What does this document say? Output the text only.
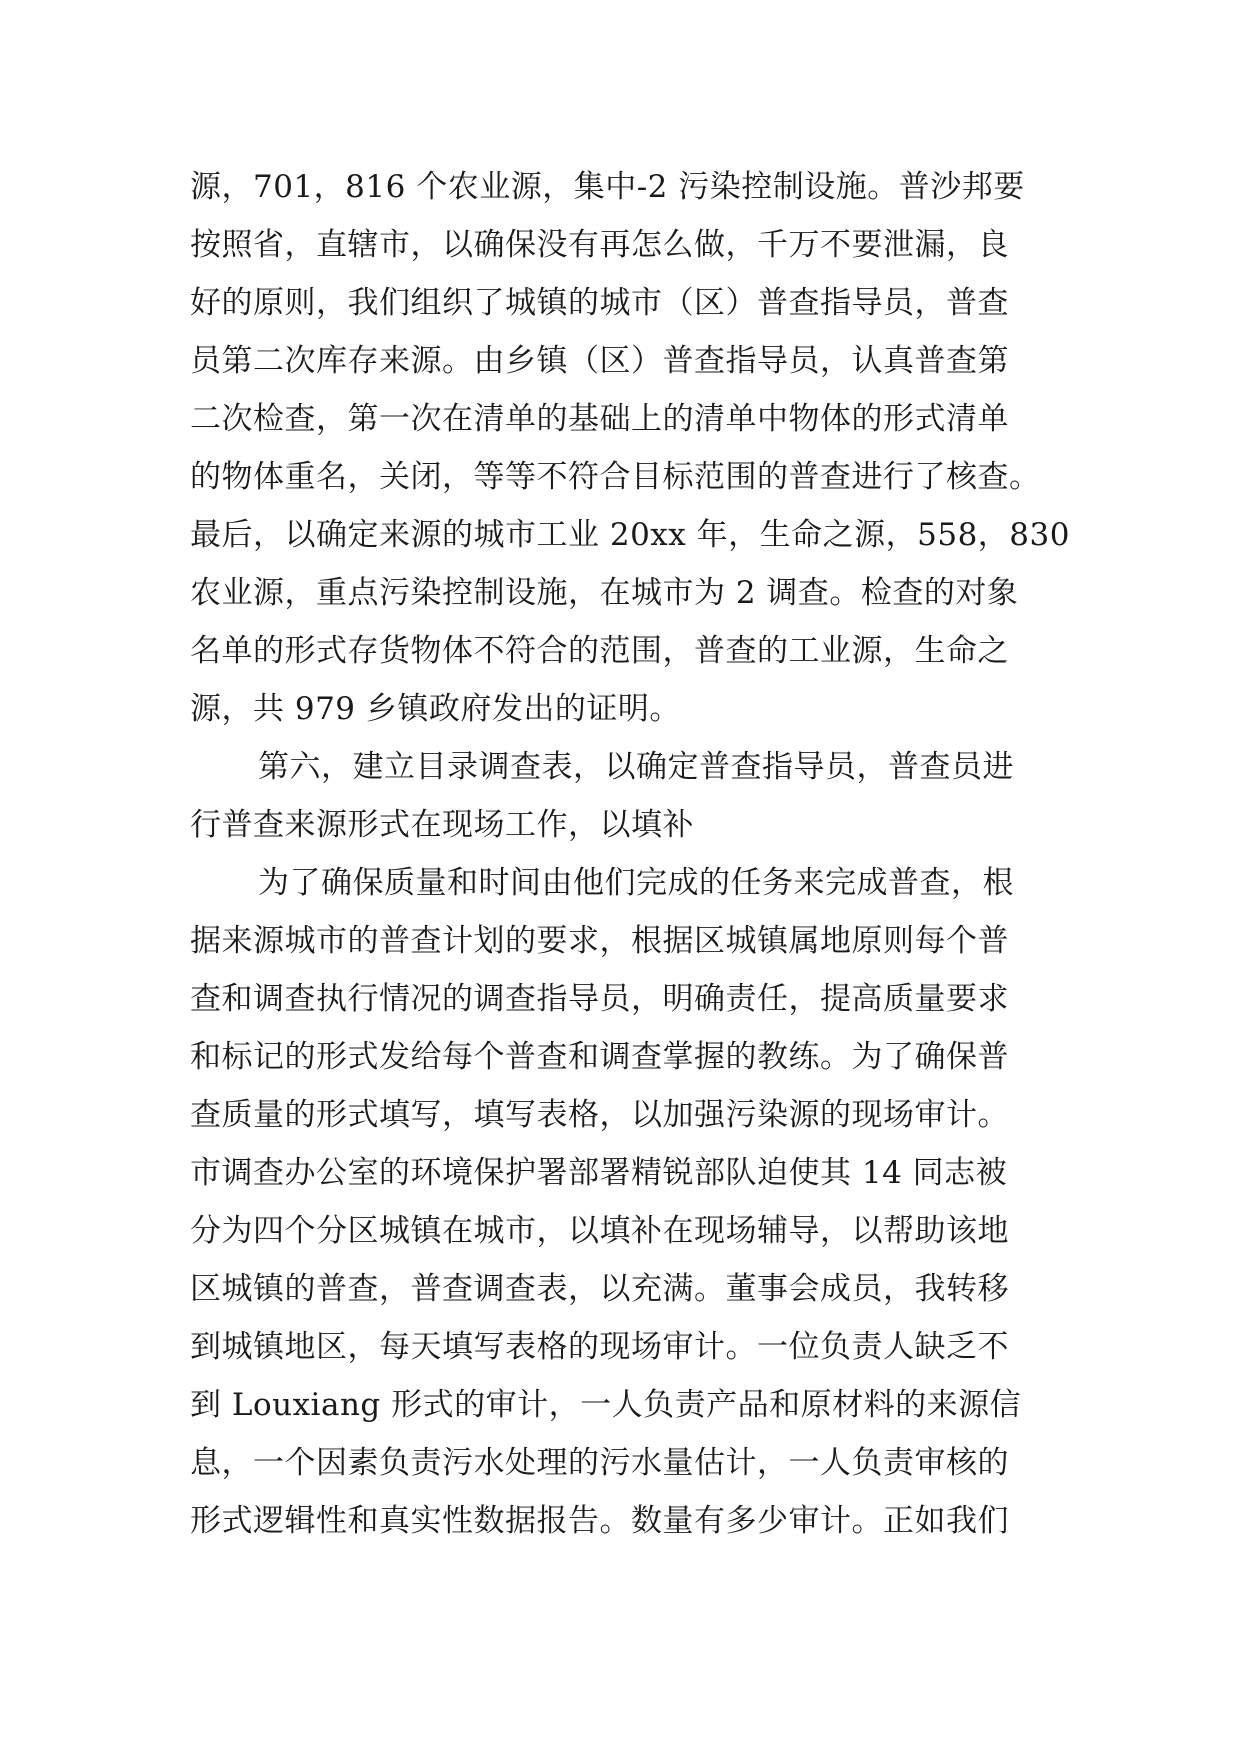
源，701，816 个农业源，集中-2 污染控制设施。普沙邦要
按照省，直辖市，以确保没有再怎么做，千万不要泄漏，良
好的原则，我们组织了城镇的城市（区）普查指导员，普查
员第二次库存来源。由乡镇（区）普查指导员，认真普查第
二次检查，第一次在清单的基础上的清单中物体的形式清单
的物体重名，关闭，等等不符合目标范围的普查进行了核查。
最后，以确定来源的城市工业 20xx 年，生命之源，558，830
农业源，重点污染控制设施，在城市为 2 调查。检查的对象
名单的形式存货物体不符合的范围，普查的工业源，生命之
源，共 979 乡镇政府发出的证明。
第六，建立目录调查表，以确定普查指导员，普查员进
行普查来源形式在现场工作，以填补
为了确保质量和时间由他们完成的任务来完成普查，根
据来源城市的普查计划的要求，根据区城镇属地原则每个普
查和调查执行情况的调查指导员，明确责任，提高质量要求
和标记的形式发给每个普查和调查掌握的教练。为了确保普
查质量的形式填写，填写表格，以加强污染源的现场审计。
市调查办公室的环境保护署部署精锐部队迫使其 14 同志被
分为四个分区城镇在城市，以填补在现场辅导，以帮助该地
区城镇的普查，普查调查表，以充满。董事会成员，我转移
到城镇地区，每天填写表格的现场审计。一位负责人缺乏不
到 Louxiang 形式的审计，一人负责产品和原材料的来源信
息，一个因素负责污水处理的污水量估计，一人负责审核的
形式逻辑性和真实性数据报告。数量有多少审计。正如我们
